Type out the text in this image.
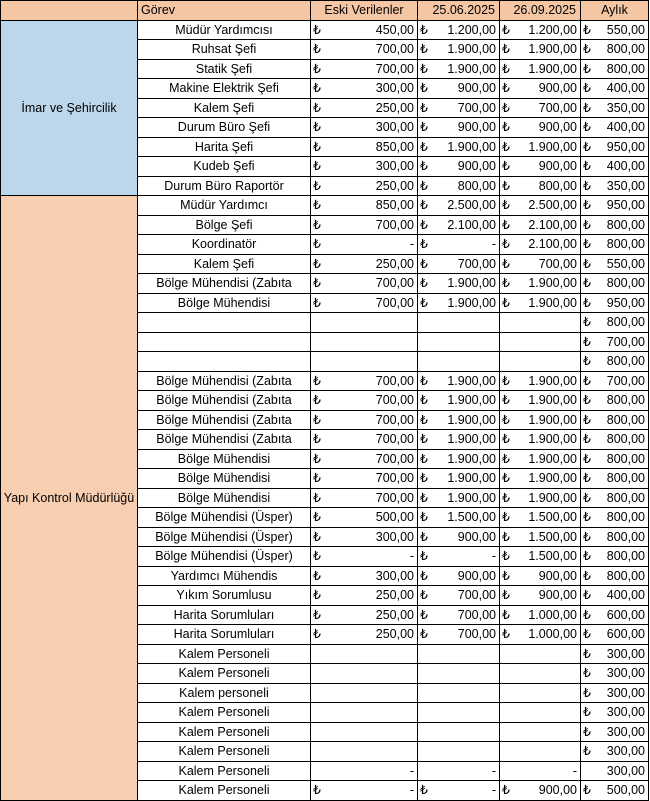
	Görev	Eski Verilenler	25.06.2025	26.09.2025	Aylık
İmar ve Şehircilik	Müdür Yardımcısı	₺ 450,00	₺ 1.200,00	₺ 1.200,00	₺ 550,00

	Ruhsat Şefi	₺ 700,00	₺ 1.900,00	₺ 1.900,00	₺ 800,00

	Statik Şefi	₺ 700,00	₺ 1.900,00	₺ 1.900,00	₺ 800,00

	Makine Elektrik Şefi	₺ 300,00	₺ 900,00	₺ 900,00	₺ 400,00

	Kalem Şefi	₺ 250,00	₺ 700,00	₺ 700,00	₺ 350,00

	Durum Büro Şefi	₺ 300,00	₺ 900,00	₺ 900,00	₺ 400,00

	Harita Şefi	₺ 850,00	₺ 1.900,00	₺ 1.900,00	₺ 950,00

	Kudeb Şefi	₺ 300,00	₺ 900,00	₺ 900,00	₺ 400,00

	Durum Büro Raportör	₺ 250,00	₺ 800,00	₺ 800,00	₺ 350,00

Yapı Kontrol Müdürlüğü	Müdür Yardımcı	₺ 850,00	₺ 2.500,00	₺ 2.500,00	₺ 950,00

	Bölge Şefi	₺ 700,00	₺ 2.100,00	₺ 2.100,00	₺ 800,00

	Koordinatör	₺ -	₺ -	₺ 2.100,00	₺ 800,00

	Kalem Şefi	₺ 250,00	₺ 700,00	₺ 700,00	₺ 550,00

	Bölge Mühendisi (Zabıta	₺ 700,00	₺ 1.900,00	₺ 1.900,00	₺ 800,00

	Bölge Mühendisi	₺ 700,00	₺ 1.900,00	₺ 1.900,00	₺ 950,00

					₺ 800,00

					₺ 700,00

					₺ 800,00

	Bölge Mühendisi (Zabıta	₺ 700,00	₺ 1.900,00	₺ 1.900,00	₺ 700,00

	Bölge Mühendisi (Zabıta	₺ 700,00	₺ 1.900,00	₺ 1.900,00	₺ 800,00

	Bölge Mühendisi (Zabıta	₺ 700,00	₺ 1.900,00	₺ 1.900,00	₺ 800,00

	Bölge Mühendisi (Zabıta	₺ 700,00	₺ 1.900,00	₺ 1.900,00	₺ 800,00

	Bölge Mühendisi	₺ 700,00	₺ 1.900,00	₺ 1.900,00	₺ 800,00

	Bölge Mühendisi	₺ 700,00	₺ 1.900,00	₺ 1.900,00	₺ 800,00

	Bölge Mühendisi	₺ 700,00	₺ 1.900,00	₺ 1.900,00	₺ 800,00

	Bölge Mühendisi (Üsper)	₺ 500,00	₺ 1.500,00	₺ 1.500,00	₺ 800,00

	Bölge Mühendisi (Üsper)	₺ 300,00	₺ 900,00	₺ 1.500,00	₺ 800,00

	Bölge Mühendisi (Üsper)	₺ -	₺ -	₺ 1.500,00	₺ 800,00

	Yardımcı Mühendis	₺ 300,00	₺ 900,00	₺ 900,00	₺ 800,00

	Yıkım Sorumlusu	₺ 250,00	₺ 700,00	₺ 900,00	₺ 400,00

	Harita Sorumluları	₺ 250,00	₺ 700,00	₺ 1.000,00	₺ 600,00

	Harita Sorumluları	₺ 250,00	₺ 700,00	₺ 1.000,00	₺ 600,00

	Kalem Personeli				₺ 300,00

	Kalem Personeli				₺ 300,00

	Kalem personeli				₺ 300,00

	Kalem Personeli				₺ 300,00

	Kalem Personeli				₺ 300,00

	Kalem Personeli				₺ 300,00

	Kalem Personeli	-	-	-	300,00

	Kalem Personeli	₺ -	₺ -	₺ 900,00	₺ 500,00
